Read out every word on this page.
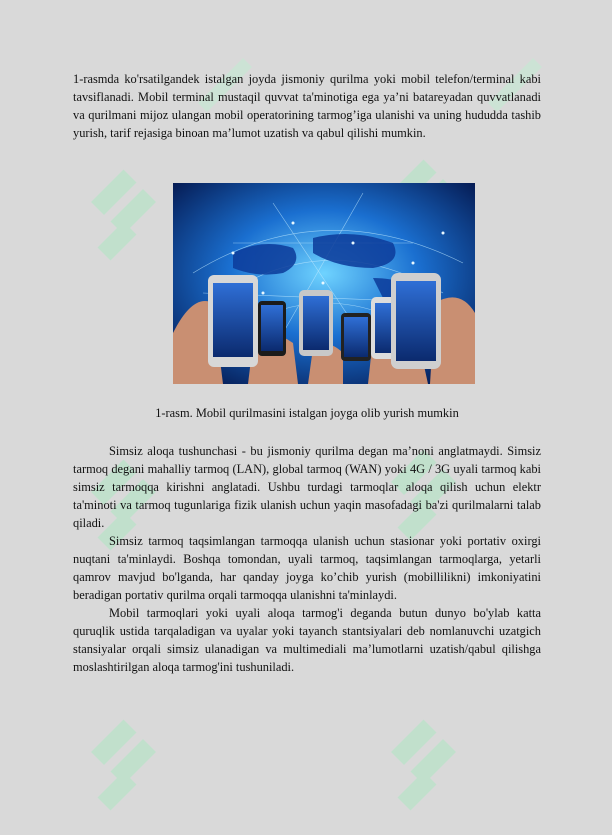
1-rasmda ko'rsatilgandek istalgan joyda jismoniy qurilma yoki mobil telefon/terminal kabi tavsiflanadi. Mobil terminal mustaqil quvvat ta'minotiga ega ya’ni batareyadan quvvatlanadi va qurilmani mijoz ulangan mobil operatorining tarmog’iga ulanishi va uning hududda tashib yurish, tarif rejasiga binoan ma’lumot uzatish va qabul qilishi mumkin.

1-rasm. Mobil qurilmasini istalgan joyga olib yurish mumkin

Simsiz aloqa tushunchasi - bu jismoniy qurilma degan ma’noni anglatmaydi. Simsiz tarmoq degani mahalliy tarmoq (LAN), global tarmoq (WAN) yoki 4G / 3G uyali tarmoq kabi simsiz tarmoqqa kirishni anglatadi. Ushbu turdagi tarmoqlar aloqa qilish uchun elektr ta'minoti va tarmoq tugunlariga fizik ulanish uchun yaqin masofadagi ba'zi qurilmalarni talab qiladi.

Simsiz tarmoq taqsimlangan tarmoqqa ulanish uchun stasionar yoki portativ oxirgi nuqtani ta'minlaydi. Boshqa tomondan, uyali tarmoq, taqsimlangan tarmoqlarga, yetarli qamrov mavjud bo'lganda, har qanday joyga ko’chib yurish (mobillilikni) imkoniyatini beradigan portativ qurilma orqali tarmoqqa ulanishni ta'minlaydi.

Mobil tarmoqlari yoki uyali aloqa tarmog'i deganda butun dunyo bo'ylab katta quruqlik ustida tarqaladigan va uyalar yoki tayanch stantsiyalari deb nomlanuvchi uzatgich stansiyalar orqali simsiz ulanadigan va multimediali ma’lumotlarni uzatish/qabul qilishga moslashtirilgan aloqa tarmog'ini tushuniladi.
